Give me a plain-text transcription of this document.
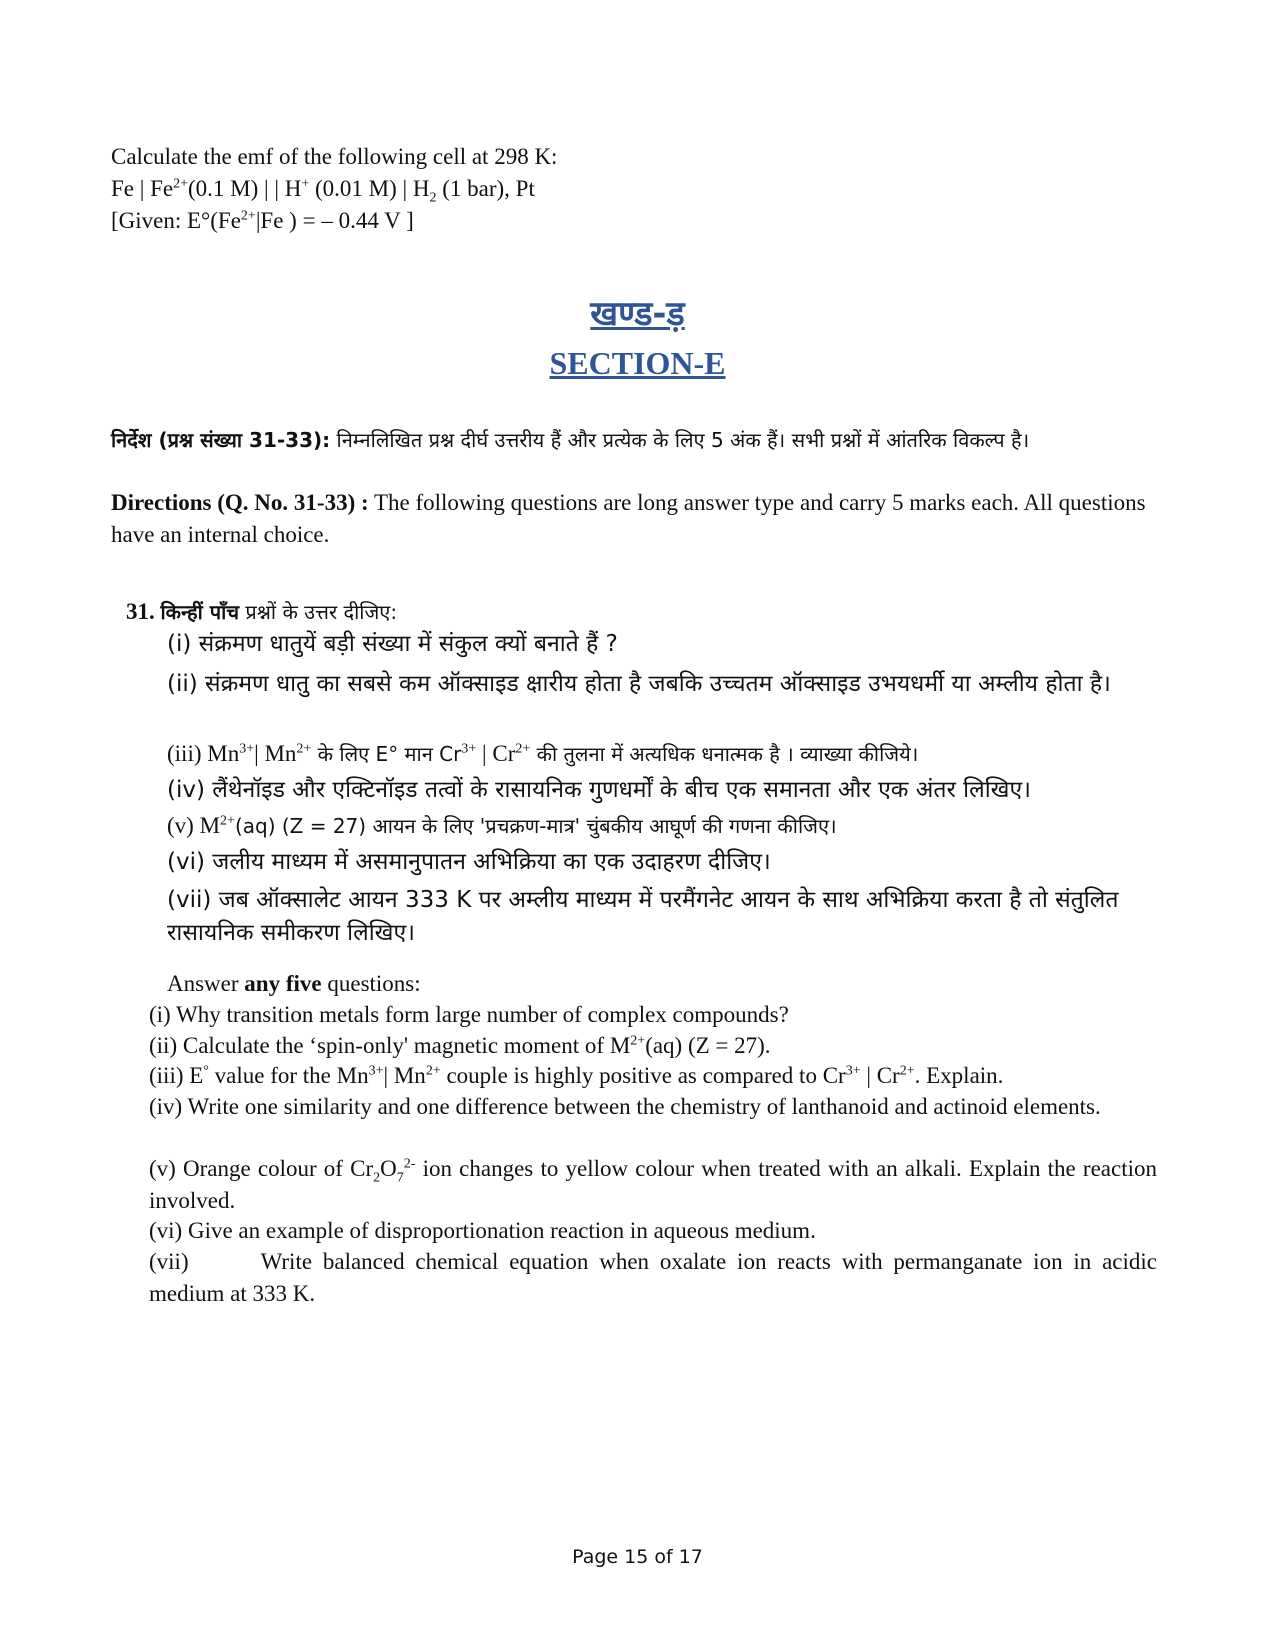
Calculate the emf of the following cell at 298 K:
Fe | $Fe^{2+}(0.1$ M) | | H+ (0.01 M) | $H_2$ (1 bar), Pt
[Given: $E^\circ(Fe^{2+}|Fe$ ) = – 0.44 V ]
खण्ड-ड़
SECTION-E
निर्देश (प्रश्न संख्या 31-33): निम्नलिखित प्रश्न दीर्घ उत्तरीय हैं और प्रत्येक के लिए 5 अंक हैं। सभी प्रश्नों में आंतरिक विकल्प है।
Directions (Q. No. 31-33) : The following questions are long answer type and carry 5 marks each. All questions have an internal choice.
31. किन्हीं पाँच प्रश्नों के उत्तर दीजिए:
(i) संक्रमण धातुयें बड़ी संख्या में संकुल क्यों बनाते हैं ?
(ii) संक्रमण धातु का सबसे कम ऑक्साइड क्षारीय होता है जबकि उच्चतम ऑक्साइड उभयधर्मी या अम्लीय होता है।
(iii) $Mn^{3+}|$ $Mn^{2+}$ के लिए E° मान $Cr^{3+}$ | $Cr^{2+}$ की तुलना में अत्यधिक धनात्मक है । व्याख्या कीजिये।
(iv) लैंथेनॉइड और एक्टिनॉइड तत्वों के रासायनिक गुणधर्मों के बीच एक समानता और एक अंतर लिखिए।
(v) $M^{2+}(aq) (Z = 27)$ आयन के लिए 'प्रचक्रण-मात्र' चुंबकीय आघूर्ण की गणना कीजिए।
(vi) जलीय माध्यम में असमानुपातन अभिक्रिया का एक उदाहरण दीजिए।
(vii) जब ऑक्सालेट आयन 333 K पर अम्लीय माध्यम में परमैंगनेट आयन के साथ अभिक्रिया करता है तो संतुलित रासायनिक समीकरण लिखिए।
Answer any five questions:
(i) Why transition metals form large number of complex compounds?
(ii) Calculate the ‘spin-only' magnetic moment of $M^{2+}(aq) (Z = 27)$.
(iii) E° value for the $Mn^{3+}|$ $Mn^{2+}$ couple is highly positive as compared to $Cr^{3+}$ | $Cr^{2+}$. Explain.
(iv) Write one similarity and one difference between the chemistry of lanthanoid and actinoid elements.
(v) Orange colour of $Cr_2O_7^{2-}$ ion changes to yellow colour when treated with an alkali. Explain the reaction involved.
(vi) Give an example of disproportionation reaction in aqueous medium.
(vii)	Write balanced chemical equation when oxalate ion reacts with permanganate ion in acidic medium at 333 K.
Page 15 of 17
